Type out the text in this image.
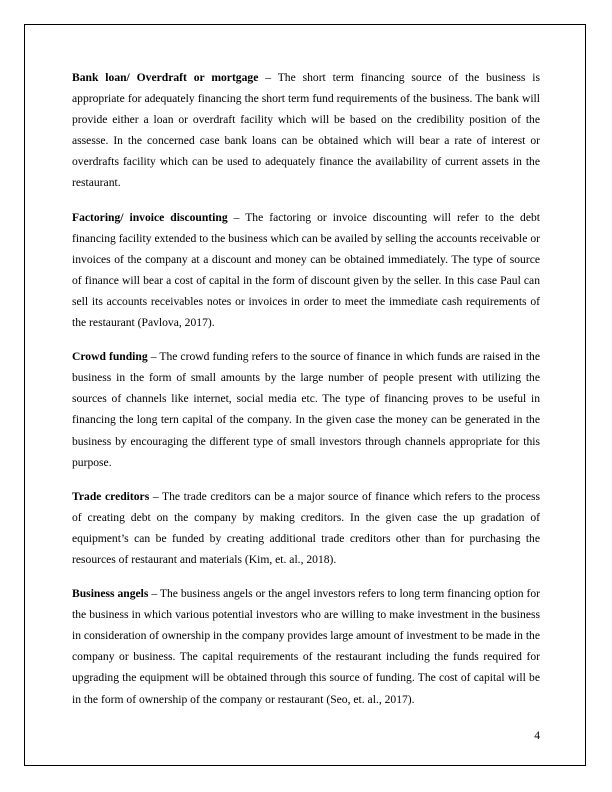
Bank loan/ Overdraft or mortgage – The short term financing source of the business is appropriate for adequately financing the short term fund requirements of the business. The bank will provide either a loan or overdraft facility which will be based on the credibility position of the assesse. In the concerned case bank loans can be obtained which will bear a rate of interest or overdrafts facility which can be used to adequately finance the availability of current assets in the restaurant.

Factoring/ invoice discounting – The factoring or invoice discounting will refer to the debt financing facility extended to the business which can be availed by selling the accounts receivable or invoices of the company at a discount and money can be obtained immediately. The type of source of finance will bear a cost of capital in the form of discount given by the seller. In this case Paul can sell its accounts receivables notes or invoices in order to meet the immediate cash requirements of the restaurant (Pavlova, 2017).

Crowd funding – The crowd funding refers to the source of finance in which funds are raised in the business in the form of small amounts by the large number of people present with utilizing the sources of channels like internet, social media etc. The type of financing proves to be useful in financing the long tern capital of the company. In the given case the money can be generated in the business by encouraging the different type of small investors through channels appropriate for this purpose.

Trade creditors – The trade creditors can be a major source of finance which refers to the process of creating debt on the company by making creditors. In the given case the up gradation of equipment’s can be funded by creating additional trade creditors other than for purchasing the resources of restaurant and materials (Kim, et. al., 2018).

Business angels – The business angels or the angel investors refers to long term financing option for the business in which various potential investors who are willing to make investment in the business in consideration of ownership in the company provides large amount of investment to be made in the company or business. The capital requirements of the restaurant including the funds required for upgrading the equipment will be obtained through this source of funding. The cost of capital will be in the form of ownership of the company or restaurant (Seo, et. al., 2017).

4
